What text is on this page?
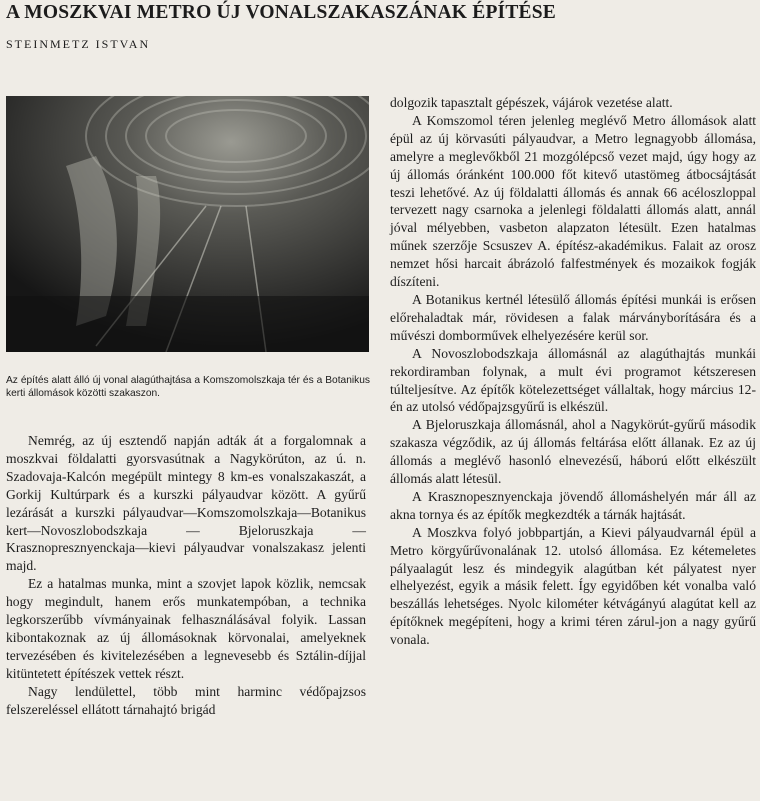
A MOSZKVAI METRO ÚJ VONALSZAKASZÁNAK ÉPÍTÉSE
STEINMETZ ISTVAN
Az építés alatt álló új vonal alagúthajtása a Komszomolszkaja tér és a Botanikus kerti állomások közötti szakaszon.

Nemrég, az új esztendő napján adták át a forgalomnak a moszkvai földalatti gyorsvasútnak a Nagykörúton, az ú. n. Szadovaja-Kalcón megépült mintegy 8 km-es vonalszakaszát, a Gorkij Kultúrpark és a kurszki pályaudvar között. A gyűrű lezárását a kurszki pályaudvar—Komszomolszkaja—Botanikus kert—Novoszlobodszkaja — Bjeloruszkaja — Krasznopresznyenckaja—kievi pályaudvar vonalszakasz jelenti majd.

Ez a hatalmas munka, mint a szovjet lapok közlik, nemcsak hogy megindult, hanem erős munkatempóban, a technika legkorszerűbb vívmányainak felhasználásával folyik. Lassan kibontakoznak az új állomásoknak körvonalai, amelyeknek tervezésében és kivitelezésében a legnevesebb és Sztálin-díjjal kitüntetett építészek vettek részt.

Nagy lendülettel, több mint harminc védőpajzsos felszereléssel ellátott tárnahajtó brigád

dolgozik tapasztalt gépészek, vájárok vezetése alatt.

A Komszomol téren jelenleg meglévő Metro állomások alatt épül az új körvasúti pályaudvar, a Metro legnagyobb állomása, amelyre a meglevőkből 21 mozgólépcső vezet majd, úgy hogy az új állomás óránként 100.000 főt kitevő utastömeg átbocsájtását teszi lehetővé. Az új földalatti állomás és annak 66 acéloszloppal tervezett nagy csarnoka a jelenlegi földalatti állomás alatt, annál jóval mélyebben, vasbeton alapzaton létesült. Ezen hatalmas műnek szerzője Scsuszev A. építész-akadémikus. Falait az orosz nemzet hősi harcait ábrázoló falfestmények és mozaikok fogják díszíteni.

A Botanikus kertnél létesülő állomás építési munkái is erősen előrehaladtak már, rövidesen a falak márványborítására és a művészi domborművek elhelyezésére kerül sor.

A Novoszlobodszkaja állomásnál az alagúthajtás munkái rekordiramban folynak, a mult évi programot kétszeresen túlteljesítve. Az építők kötelezettséget vállaltak, hogy március 12-én az utolsó védőpajzsgyűrű is elkészül.

A Bjeloruszkaja állomásnál, ahol a Nagykörút-gyűrű második szakasza végződik, az új állomás feltárása előtt állanak. Ez az új állomás a meglévő hasonló elnevezésű, háború előtt elkészült állomás alatt létesül.

A Krasznopesznyenckaja jövendő állomáshelyén már áll az akna tornya és az építők megkezdték a tárnák hajtását.

A Moszkva folyó jobbpartján, a Kievi pályaudvarnál épül a Metro körgyűrűvonalának 12. utolsó állomása. Ez kétemeletes pályaalagút lesz és mindegyik alagútban két pályatest nyer elhelyezést, egyik a másik felett. Így egyidőben két vonalba való beszállás lehetséges. Nyolc kilométer kétvágányú alagútat kell az építőknek megépíteni, hogy a krimi téren zárul-jon a nagy gyűrű vonala.
